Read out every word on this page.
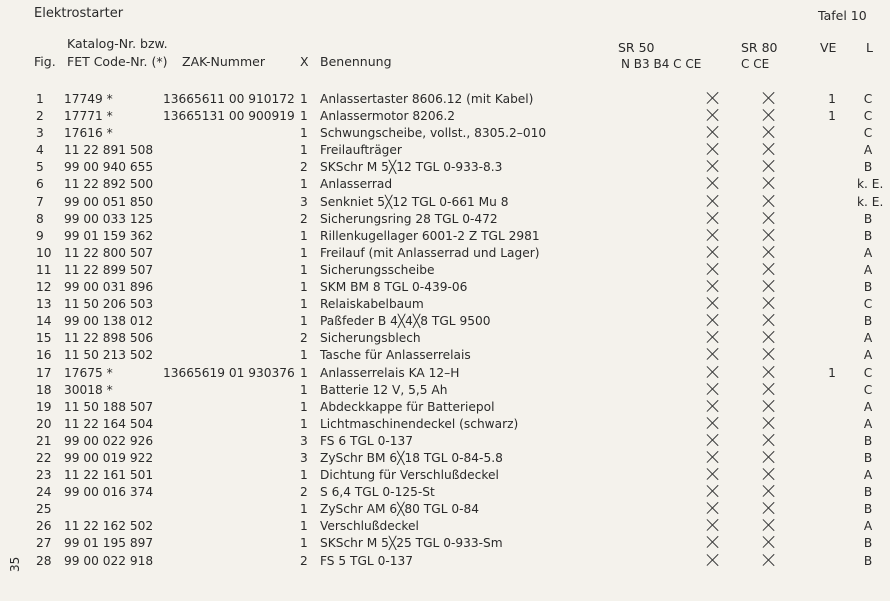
Elektrostarter	Tafel 10
Katalog-Nr. bzw.
Fig. FET Code-Nr. (*) ZAK-Nummer	X Benennung
SR 50
N B3 B4 C CE
SR 80
C CE
VE L
1	17749 *	13665611 00 910172 1 Anlassertaster 8606.12 (mit Kabel)	1	C
2	17771 *	13665131 00 900919 1 Anlassermotor 8206.2	1	C
3	17616 *	1 Schwungscheibe, vollst., 8305.2–010	C
4	11 22 891 508	1 Freilaufträger	A
5	99 00 940 655	2 SKSchr M 5╳12 TGL 0-933-8.3	B
6	11 22 892 500	1 Anlasserrad	k. E.
7	99 00 051 850	3 Senkniet 5╳12 TGL 0-661 Mu 8	k. E.
8	99 00 033 125	2 Sicherungsring 28 TGL 0-472	B
9	99 01 159 362	1 Rillenkugellager 6001-2 Z TGL 2981	B
10 11 22 800 507	1 Freilauf (mit Anlasserrad und Lager)	A
11 11 22 899 507	1 Sicherungsscheibe	A
12 99 00 031 896	1 SKM BM 8 TGL 0-439-06	B
13 11 50 206 503	1 Relaiskabelbaum	C
14 99 00 138 012	1 Paßfeder B 4╳4╳8 TGL 9500	B
15 11 22 898 506	2 Sicherungsblech	A
16 11 50 213 502	1 Tasche für Anlasserrelais	A
17 17675 *	13665619 01 930376 1 Anlasserrelais KA 12–H	1	C
18 30018 *	1 Batterie 12 V, 5,5 Ah	C
19 11 50 188 507	1 Abdeckkappe für Batteriepol	A
20 11 22 164 504	1 Lichtmaschinendeckel (schwarz)	A
21 99 00 022 926	3 FS 6 TGL 0-137	B
22 99 00 019 922	3 ZySchr BM 6╳18 TGL 0-84-5.8	B
23 11 22 161 501	1 Dichtung für Verschlußdeckel	A
24 99 00 016 374	2 S 6,4 TGL 0-125-St	B
25	1 ZySchr AM 6╳80 TGL 0-84	B
26 11 22 162 502	1 Verschlußdeckel	A
27 99 01 195 897	1 SKSchr M 5╳25 TGL 0-933-Sm	B
28 99 00 022 918	2 FS 5 TGL 0-137	B
35
